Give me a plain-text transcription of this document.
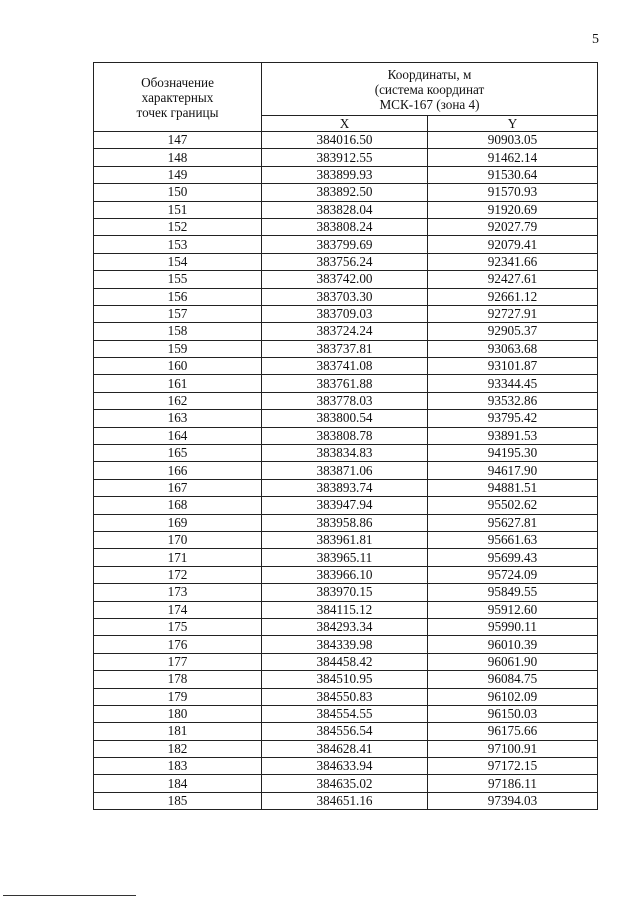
5
Обозначение
характерных
точек границы	Координаты, м
(система координат
МСК-167 (зона 4)	
	X	Y
147	384016.50	90903.05
148	383912.55	91462.14
149	383899.93	91530.64
150	383892.50	91570.93
151	383828.04	91920.69
152	383808.24	92027.79
153	383799.69	92079.41
154	383756.24	92341.66
155	383742.00	92427.61
156	383703.30	92661.12
157	383709.03	92727.91
158	383724.24	92905.37
159	383737.81	93063.68
160	383741.08	93101.87
161	383761.88	93344.45
162	383778.03	93532.86
163	383800.54	93795.42
164	383808.78	93891.53
165	383834.83	94195.30
166	383871.06	94617.90
167	383893.74	94881.51
168	383947.94	95502.62
169	383958.86	95627.81
170	383961.81	95661.63
171	383965.11	95699.43
172	383966.10	95724.09
173	383970.15	95849.55
174	384115.12	95912.60
175	384293.34	95990.11
176	384339.98	96010.39
177	384458.42	96061.90
178	384510.95	96084.75
179	384550.83	96102.09
180	384554.55	96150.03
181	384556.54	96175.66
182	384628.41	97100.91
183	384633.94	97172.15
184	384635.02	97186.11
185	384651.16	97394.03
